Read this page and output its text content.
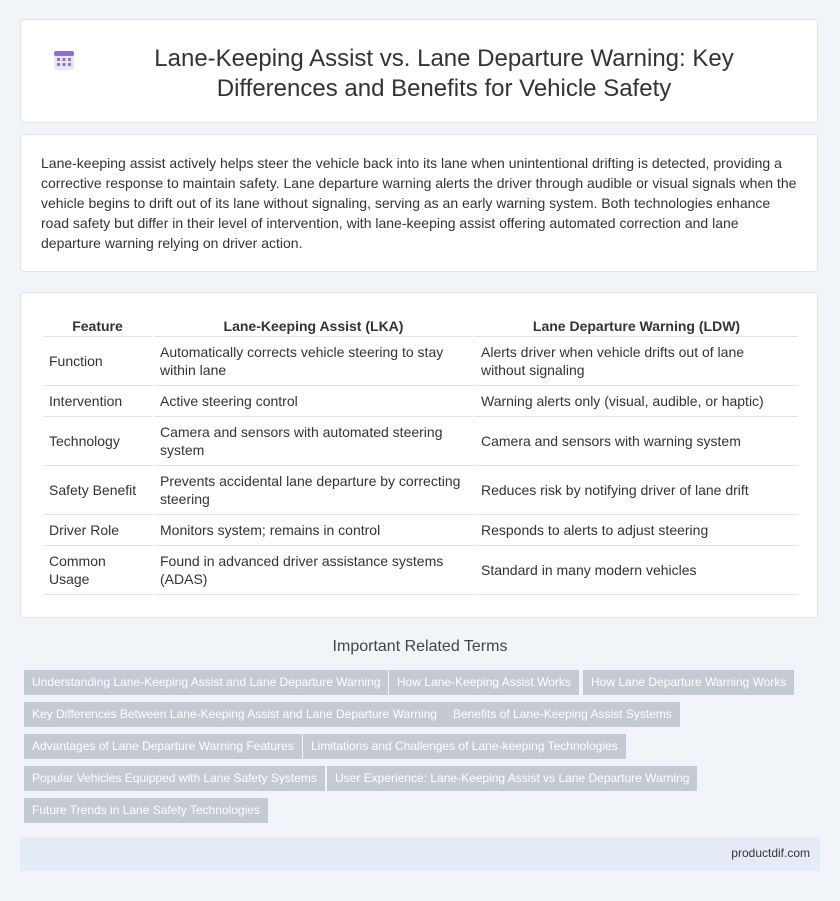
Lane-Keeping Assist vs. Lane Departure Warning: Key Differences and Benefits for Vehicle Safety

Lane-keeping assist actively helps steer the vehicle back into its lane when unintentional drifting is detected, providing a corrective response to maintain safety. Lane departure warning alerts the driver through audible or visual signals when the vehicle begins to drift out of its lane without signaling, serving as an early warning system. Both technologies enhance road safety but differ in their level of intervention, with lane-keeping assist offering automated correction and lane departure warning relying on driver action.

Feature	Lane-Keeping Assist (LKA)	Lane Departure Warning (LDW)
Function	Automatically corrects vehicle steering to stay within lane	Alerts driver when vehicle drifts out of lane without signaling
Intervention	Active steering control	Warning alerts only (visual, audible, or haptic)
Technology	Camera and sensors with automated steering system	Camera and sensors with warning system
Safety Benefit	Prevents accidental lane departure by correcting steering	Reduces risk by notifying driver of lane drift
Driver Role	Monitors system; remains in control	Responds to alerts to adjust steering
Common Usage	Found in advanced driver assistance systems (ADAS)	Standard in many modern vehicles
Important Related Terms
Understanding Lane-Keeping Assist and Lane Departure Warning	How Lane-Keeping Assist Works	How Lane Departure Warning Works
Key Differences Between Lane-Keeping Assist and Lane Departure Warning	Benefits of Lane-Keeping Assist Systems
Advantages of Lane Departure Warning Features	Limitations and Challenges of Lane-keeping Technologies
Popular Vehicles Equipped with Lane Safety Systems	User Experience: Lane-Keeping Assist vs Lane Departure Warning
Future Trends in Lane Safety Technologies
productdif.com
